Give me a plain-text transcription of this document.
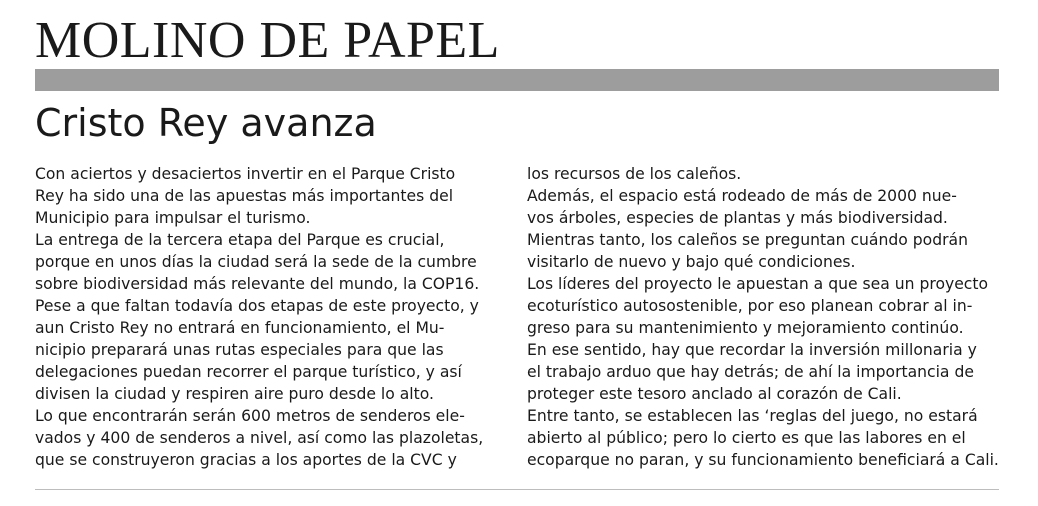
MOLINO DE PAPEL
Cristo Rey avanza
Con aciertos y desaciertos invertir en el Parque Cristo
Rey ha sido una de las apuestas más importantes del
Municipio para impulsar el turismo.
La entrega de la tercera etapa del Parque es crucial,
porque en unos días la ciudad será la sede de la cumbre
sobre biodiversidad más relevante del mundo, la COP16.
Pese a que faltan todavía dos etapas de este proyecto, y
aun Cristo Rey no entrará en funcionamiento, el Mu-
nicipio preparará unas rutas especiales para que las
delegaciones puedan recorrer el parque turístico, y así
divisen la ciudad y respiren aire puro desde lo alto.
Lo que encontrarán serán 600 metros de senderos ele-
vados y 400 de senderos a nivel, así como las plazoletas,
que se construyeron gracias a los aportes de la CVC y
los recursos de los caleños.
Además, el espacio está rodeado de más de 2000 nue-
vos árboles, especies de plantas y más biodiversidad.
Mientras tanto, los caleños se preguntan cuándo podrán
visitarlo de nuevo y bajo qué condiciones.
Los líderes del proyecto le apuestan a que sea un proyecto
ecoturístico autosostenible, por eso planean cobrar al in-
greso para su mantenimiento y mejoramiento continúo.
En ese sentido, hay que recordar la inversión millonaria y
el trabajo arduo que hay detrás; de ahí la importancia de
proteger este tesoro anclado al corazón de Cali.
Entre tanto, se establecen las ‘reglas del juego, no estará
abierto al público; pero lo cierto es que las labores en el
ecoparque no paran, y su funcionamiento beneficiará a Cali.
